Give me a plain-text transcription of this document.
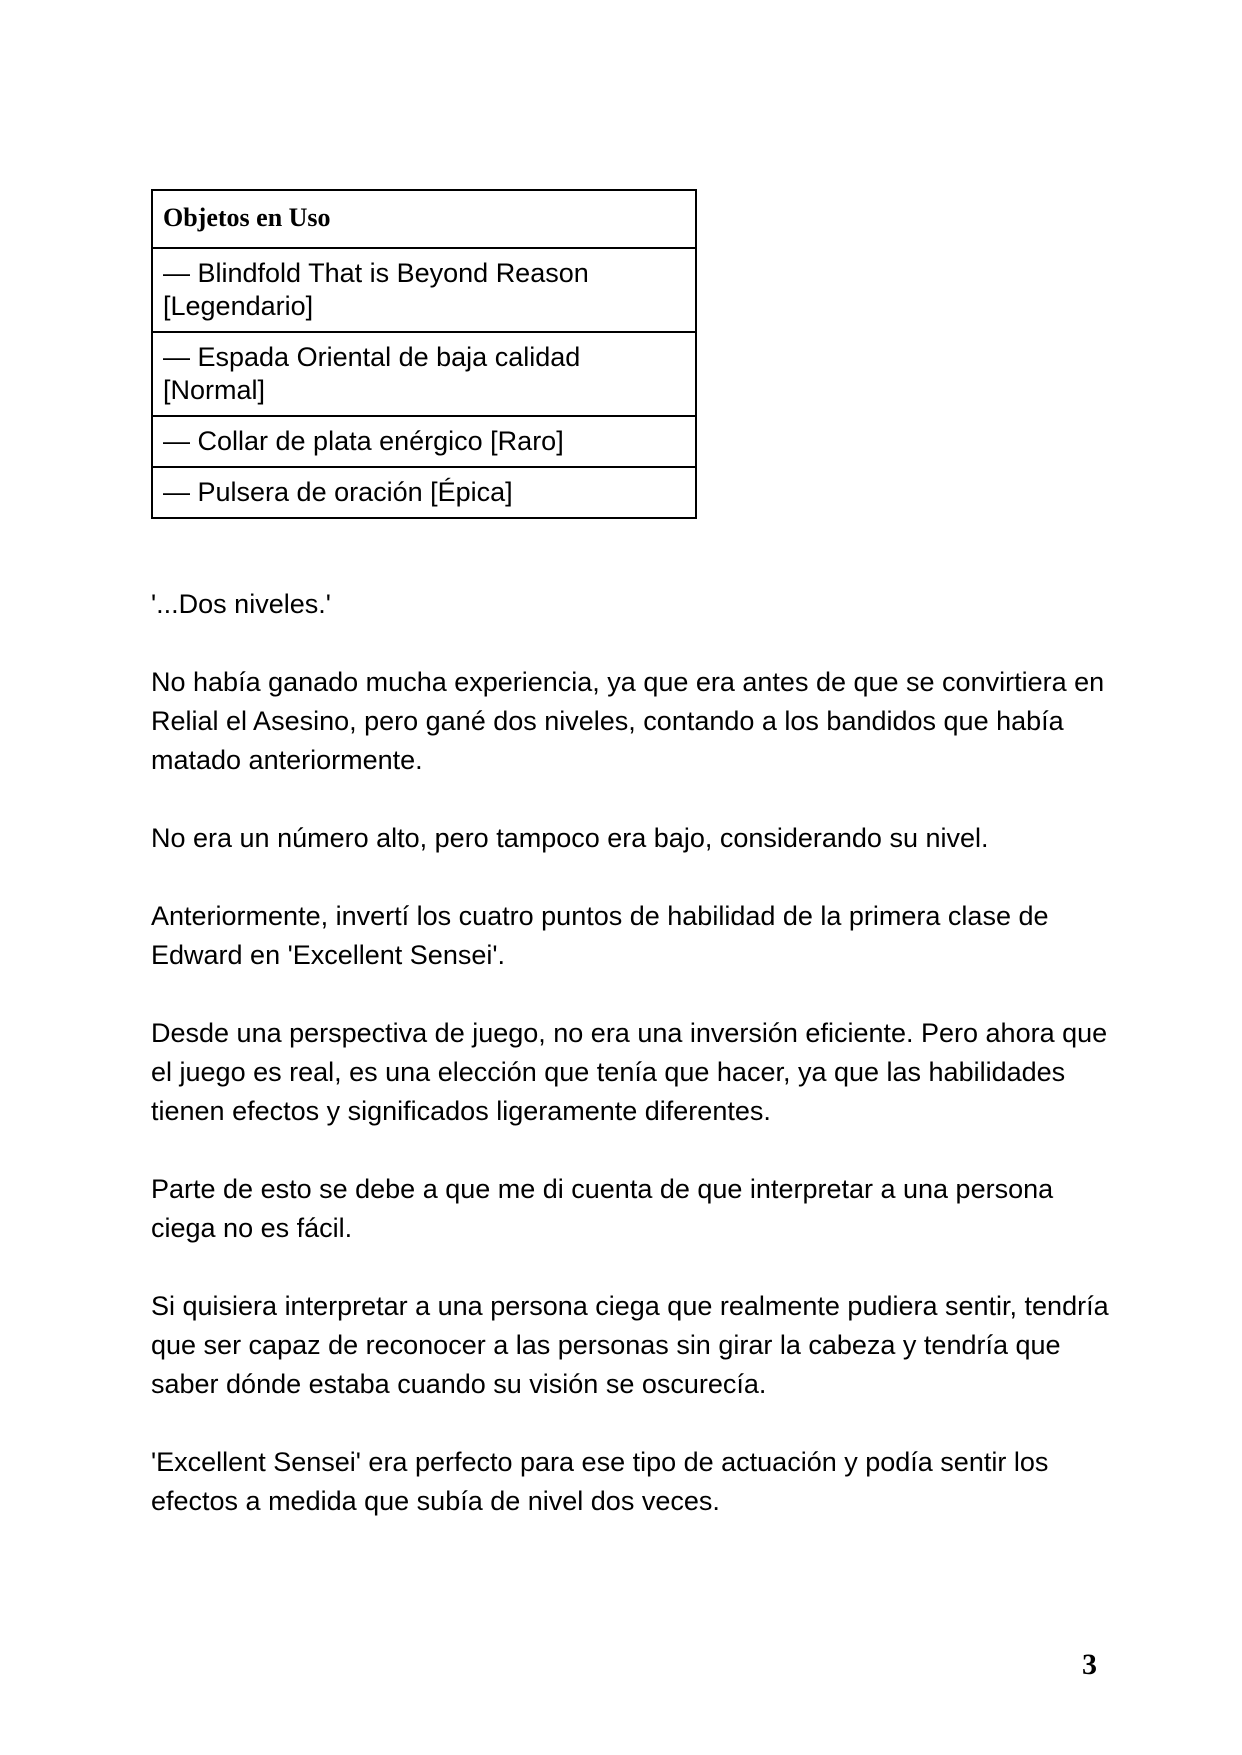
Objetos en Uso
— Blindfold That is Beyond Reason [Legendario]
— Espada Oriental de baja calidad [Normal]
— Collar de plata enérgico [Raro]
— Pulsera de oración [Épica]

'...Dos niveles.'

No había ganado mucha experiencia, ya que era antes de que se convirtiera en Relial el Asesino, pero gané dos niveles, contando a los bandidos que había matado anteriormente.

No era un número alto, pero tampoco era bajo, considerando su nivel.

Anteriormente, invertí los cuatro puntos de habilidad de la primera clase de Edward en 'Excellent Sensei'.

Desde una perspectiva de juego, no era una inversión eficiente. Pero ahora que el juego es real, es una elección que tenía que hacer, ya que las habilidades tienen efectos y significados ligeramente diferentes.

Parte de esto se debe a que me di cuenta de que interpretar a una persona ciega no es fácil.

Si quisiera interpretar a una persona ciega que realmente pudiera sentir, tendría que ser capaz de reconocer a las personas sin girar la cabeza y tendría que saber dónde estaba cuando su visión se oscurecía.

'Excellent Sensei' era perfecto para ese tipo de actuación y podía sentir los efectos a medida que subía de nivel dos veces.

3
